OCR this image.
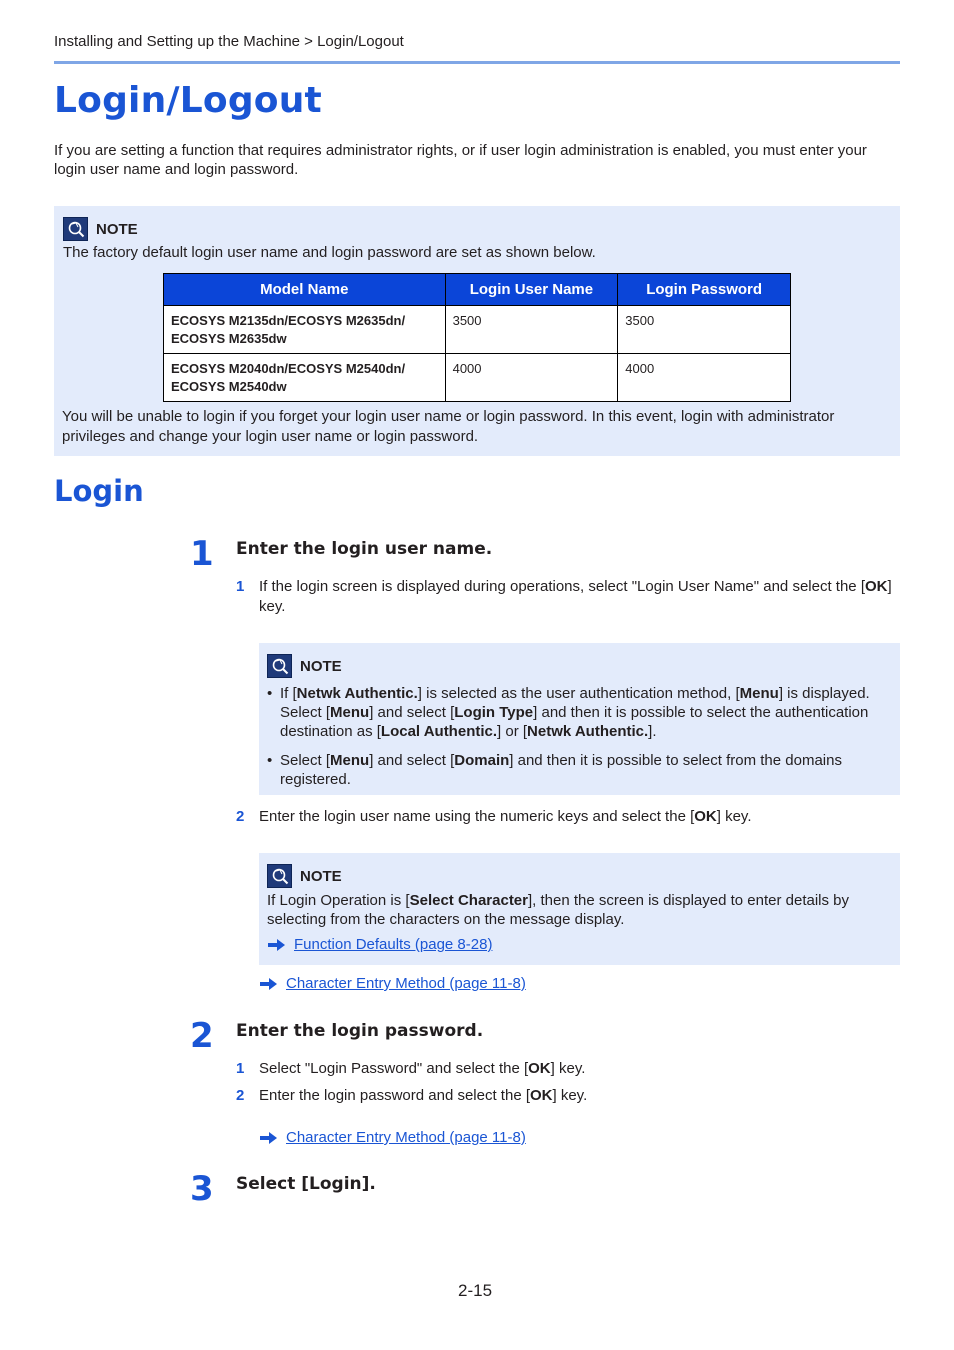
Installing and Setting up the Machine > Login/Logout
Login/Logout
If you are setting a function that requires administrator rights, or if user login administration is enabled, you must enter your login user name and login password.
NOTE
The factory default login user name and login password are set as shown below.
Model Name	Login User Name	Login Password
ECOSYS M2135dn/ECOSYS M2635dn/
ECOSYS M2635dw	3500	3500
ECOSYS M2040dn/ECOSYS M2540dn/
ECOSYS M2540dw	4000	4000
You will be unable to login if you forget your login user name or login password. In this event, login with administrator privileges and change your login user name or login password.
Login
1 Enter the login user name.
1 If the login screen is displayed during operations, select "Login User Name" and select the [OK] key.
NOTE
• If [Netwk Authentic.] is selected as the user authentication method, [Menu] is displayed. Select [Menu] and select [Login Type] and then it is possible to select the authentication destination as [Local Authentic.] or [Netwk Authentic.].
• Select [Menu] and select [Domain] and then it is possible to select from the domains registered.
2 Enter the login user name using the numeric keys and select the [OK] key.
NOTE
If Login Operation is [Select Character], then the screen is displayed to enter details by selecting from the characters on the message display.
Function Defaults (page 8-28)
Character Entry Method (page 11-8)
2 Enter the login password.
1 Select "Login Password" and select the [OK] key.
2 Enter the login password and select the [OK] key.
Character Entry Method (page 11-8)
3 Select [Login].
2-15
